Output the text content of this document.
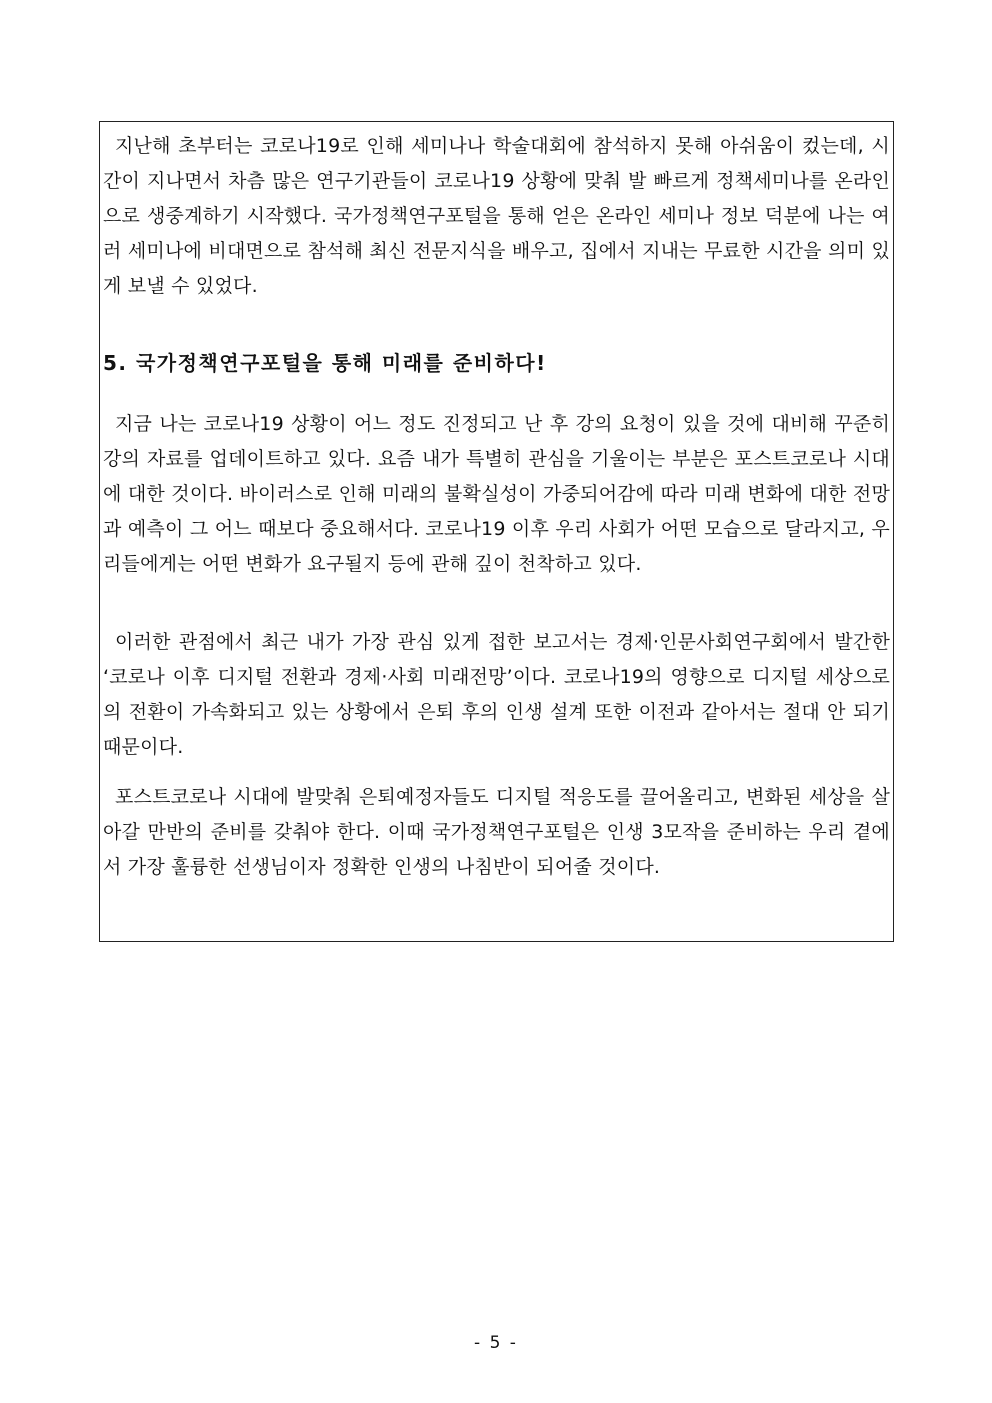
지난해 초부터는 코로나19로 인해 세미나나 학술대회에 참석하지 못해 아쉬움이 컸는데, 시간이 지나면서 차츰 많은 연구기관들이 코로나19 상황에 맞춰 발 빠르게 정책세미나를 온라인으로 생중계하기 시작했다. 국가정책연구포털을 통해 얻은 온라인 세미나 정보 덕분에 나는 여러 세미나에 비대면으로 참석해 최신 전문지식을 배우고, 집에서 지내는 무료한 시간을 의미 있게 보낼 수 있었다.

5. 국가정책연구포털을 통해 미래를 준비하다!

지금 나는 코로나19 상황이 어느 정도 진정되고 난 후 강의 요청이 있을 것에 대비해 꾸준히 강의 자료를 업데이트하고 있다. 요즘 내가 특별히 관심을 기울이는 부분은 포스트코로나 시대에 대한 것이다. 바이러스로 인해 미래의 불확실성이 가중되어감에 따라 미래 변화에 대한 전망과 예측이 그 어느 때보다 중요해서다. 코로나19 이후 우리 사회가 어떤 모습으로 달라지고, 우리들에게는 어떤 변화가 요구될지 등에 관해 깊이 천착하고 있다.

이러한 관점에서 최근 내가 가장 관심 있게 접한 보고서는 경제·인문사회연구회에서 발간한 ‘코로나 이후 디지털 전환과 경제·사회 미래전망’이다. 코로나19의 영향으로 디지털 세상으로의 전환이 가속화되고 있는 상황에서 은퇴 후의 인생 설계 또한 이전과 같아서는 절대 안 되기 때문이다.

포스트코로나 시대에 발맞춰 은퇴예정자들도 디지털 적응도를 끌어올리고, 변화된 세상을 살아갈 만반의 준비를 갖춰야 한다. 이때 국가정책연구포털은 인생 3모작을 준비하는 우리 곁에서 가장 훌륭한 선생님이자 정확한 인생의 나침반이 되어줄 것이다.

- 5 -
